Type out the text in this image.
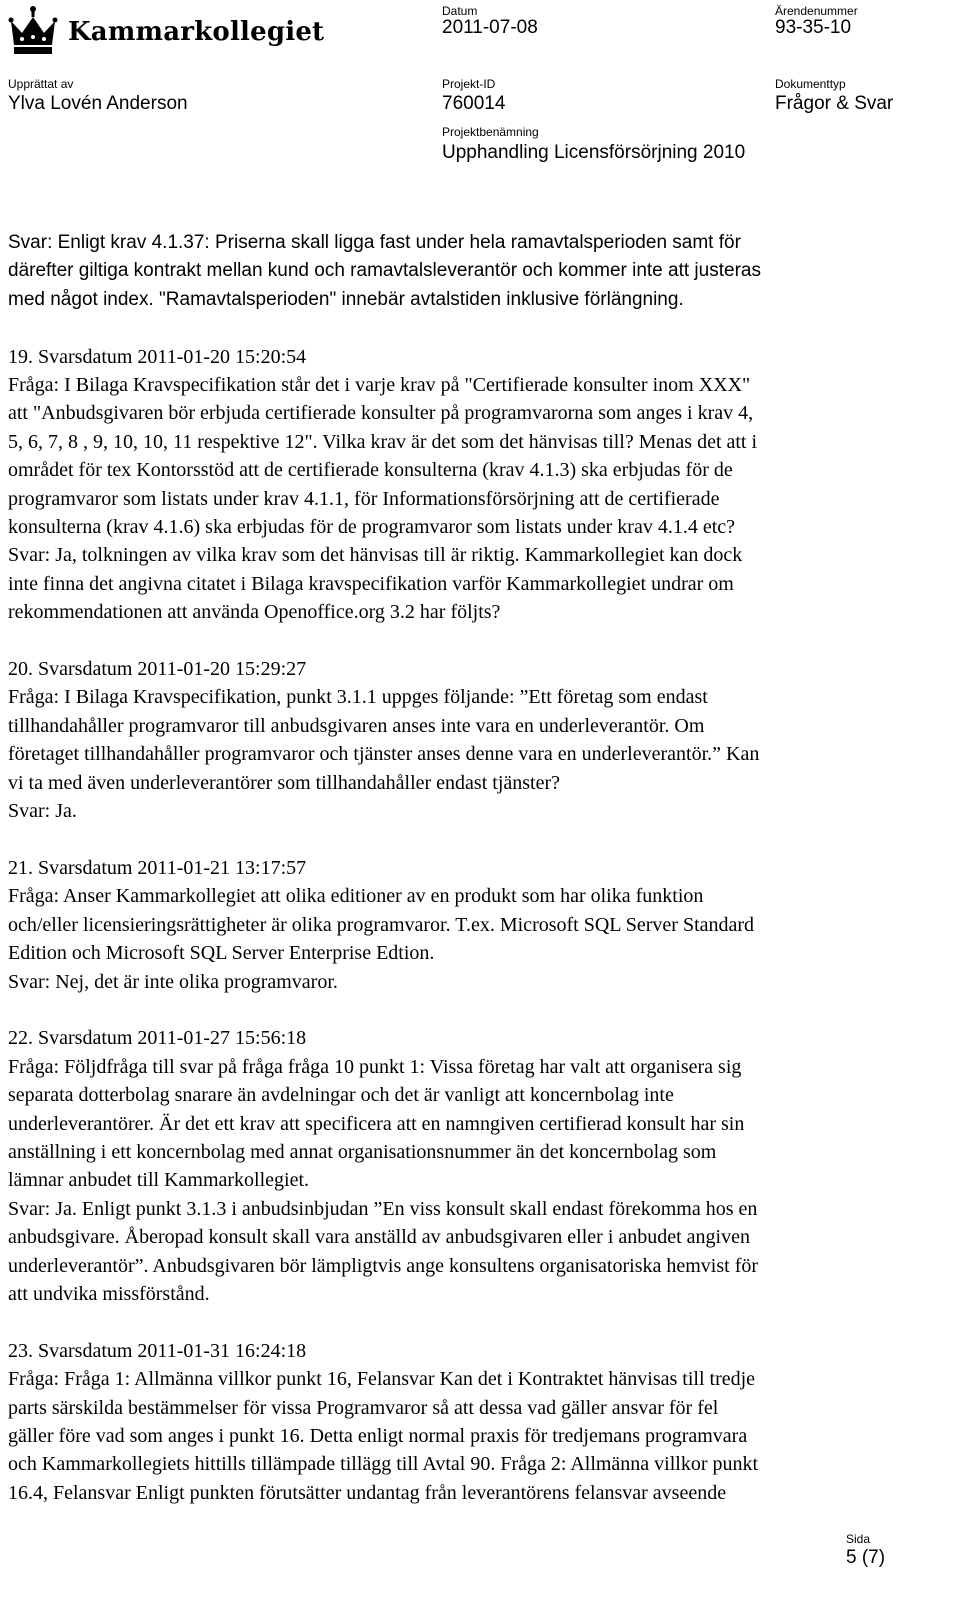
Kammarkollegiet
Datum
2011-07-08
Ärendenummer
93-35-10
Upprättat av
Ylva Lovén Anderson
Projekt-ID
760014
Dokumenttyp
Frågor & Svar
Projektbenämning
Upphandling Licensförsörjning 2010
Svar: Enligt krav 4.1.37: Priserna skall ligga fast under hela ramavtalsperioden samt för
därefter giltiga kontrakt mellan kund och ramavtalsleverantör och kommer inte att justeras
med något index. "Ramavtalsperioden" innebär avtalstiden inklusive förlängning.
19. Svarsdatum 2011-01-20 15:20:54
Fråga: I Bilaga Kravspecifikation står det i varje krav på "Certifierade konsulter inom XXX"
att "Anbudsgivaren bör erbjuda certifierade konsulter på programvarorna som anges i krav 4,
5, 6, 7, 8 , 9, 10, 10, 11 respektive 12". Vilka krav är det som det hänvisas till? Menas det att i
området för tex Kontorsstöd att de certifierade konsulterna (krav 4.1.3) ska erbjudas för de
programvaror som listats under krav 4.1.1, för Informationsförsörjning att de certifierade
konsulterna (krav 4.1.6) ska erbjudas för de programvaror som listats under krav 4.1.4 etc?
Svar: Ja, tolkningen av vilka krav som det hänvisas till är riktig. Kammarkollegiet kan dock
inte finna det angivna citatet i Bilaga kravspecifikation varför Kammarkollegiet undrar om
rekommendationen att använda Openoffice.org 3.2 har följts?
20. Svarsdatum 2011-01-20 15:29:27
Fråga: I Bilaga Kravspecifikation, punkt 3.1.1 uppges följande: ”Ett företag som endast
tillhandahåller programvaror till anbudsgivaren anses inte vara en underleverantör. Om
företaget tillhandahåller programvaror och tjänster anses denne vara en underleverantör.” Kan
vi ta med även underleverantörer som tillhandahåller endast tjänster?
Svar: Ja.
21. Svarsdatum 2011-01-21 13:17:57
Fråga: Anser Kammarkollegiet att olika editioner av en produkt som har olika funktion
och/eller licensieringsrättigheter är olika programvaror. T.ex. Microsoft SQL Server Standard
Edition och Microsoft SQL Server Enterprise Edtion.
Svar: Nej, det är inte olika programvaror.
22. Svarsdatum 2011-01-27 15:56:18
Fråga: Följdfråga till svar på fråga fråga 10 punkt 1: Vissa företag har valt att organisera sig
separata dotterbolag snarare än avdelningar och det är vanligt att koncernbolag inte
underleverantörer. Är det ett krav att specificera att en namngiven certifierad konsult har sin
anställning i ett koncernbolag med annat organisationsnummer än det koncernbolag som
lämnar anbudet till Kammarkollegiet.
Svar: Ja. Enligt punkt 3.1.3 i anbudsinbjudan ”En viss konsult skall endast förekomma hos en
anbudsgivare. Åberopad konsult skall vara anställd av anbudsgivaren eller i anbudet angiven
underleverantör”. Anbudsgivaren bör lämpligtvis ange konsultens organisatoriska hemvist för
att undvika missförstånd.
23. Svarsdatum 2011-01-31 16:24:18
Fråga: Fråga 1: Allmänna villkor punkt 16, Felansvar Kan det i Kontraktet hänvisas till tredje
parts särskilda bestämmelser för vissa Programvaror så att dessa vad gäller ansvar för fel
gäller före vad som anges i punkt 16. Detta enligt normal praxis för tredjemans programvara
och Kammarkollegiets hittills tillämpade tillägg till Avtal 90. Fråga 2: Allmänna villkor punkt
16.4, Felansvar Enligt punkten förutsätter undantag från leverantörens felansvar avseende
Sida
5 (7)
